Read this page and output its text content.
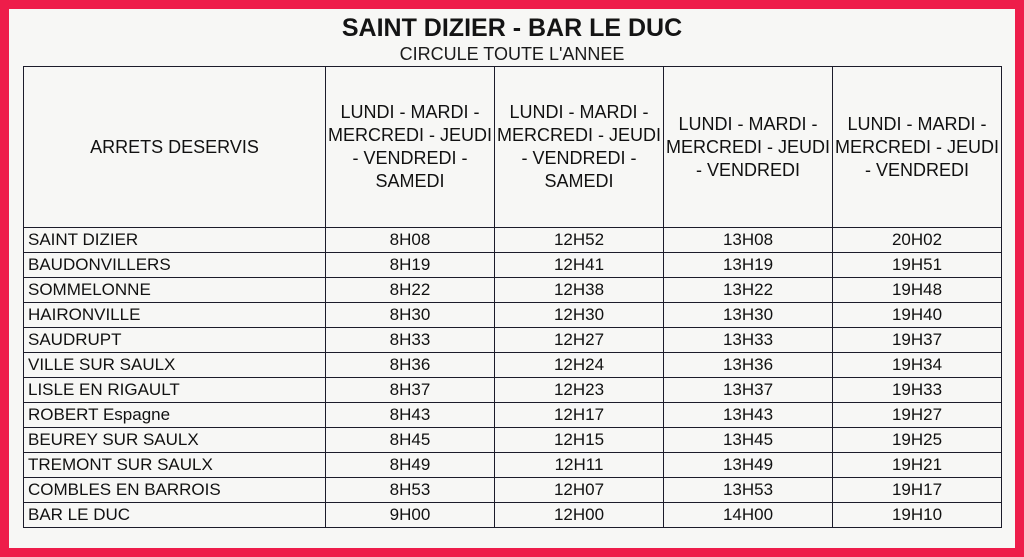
SAINT DIZIER - BAR LE DUC
CIRCULE TOUTE L'ANNEE
ARRETS DESERVIS	LUNDI - MARDI - MERCREDI - JEUDI - VENDREDI - SAMEDI	LUNDI - MARDI - MERCREDI - JEUDI - VENDREDI - SAMEDI	LUNDI - MARDI - MERCREDI - JEUDI - VENDREDI	LUNDI - MARDI - MERCREDI - JEUDI - VENDREDI

SAINT DIZIER	8H08	12H52	13H08	20H02
BAUDONVILLERS	8H19	12H41	13H19	19H51
SOMMELONNE	8H22	12H38	13H22	19H48
HAIRONVILLE	8H30	12H30	13H30	19H40
SAUDRUPT	8H33	12H27	13H33	19H37
VILLE SUR SAULX	8H36	12H24	13H36	19H34
LISLE EN RIGAULT	8H37	12H23	13H37	19H33
ROBERT Espagne	8H43	12H17	13H43	19H27
BEUREY SUR SAULX	8H45	12H15	13H45	19H25
TREMONT SUR SAULX	8H49	12H11	13H49	19H21
COMBLES EN BARROIS	8H53	12H07	13H53	19H17
BAR LE DUC	9H00	12H00	14H00	19H10
